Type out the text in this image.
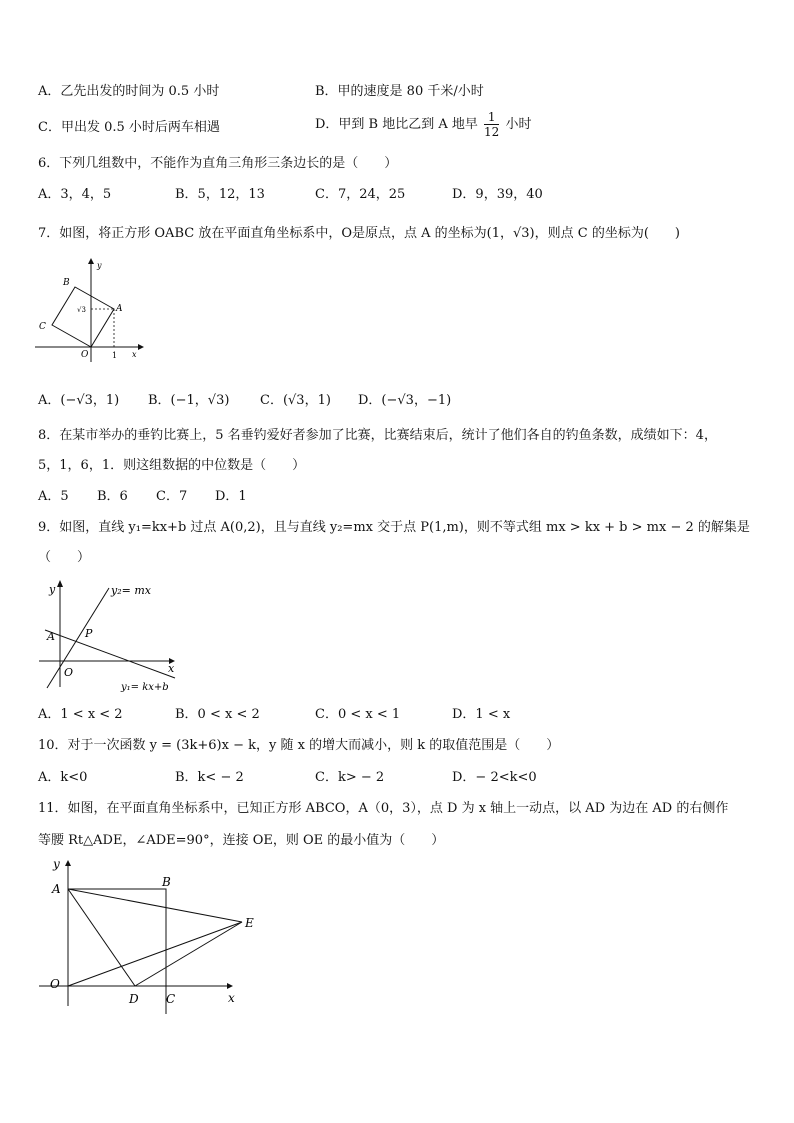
A．乙先出发的时间为 0.5 小时	B．甲的速度是 80 千米/小时
C．甲出发 0.5 小时后两车相遇	D．甲到 B 地比乙到 A 地早 $\frac{1}{12}$ 小时
6．下列几组数中，不能作为直角三角形三条边长的是（　　）
A．3，4，5	B．5，12，13	C．7，24，25	D．9，39，40
7．如图，将正方形 OABC 放在平面直角坐标系中，O是原点，点 A 的坐标为(1，√3)，则点 C 的坐标为(　　)
B
A
C
O	1 x
y
√3
A．(−√3，1) B．(−1，√3) C．(√3，1) D．(−√3，−1)
8．在某市举办的垂钓比赛上，5 名垂钓爱好者参加了比赛，比赛结束后，统计了他们各自的钓鱼条数，成绩如下：4，
5，1，6，1．则这组数据的中位数是（　　）
A．5 B．6 C．7 D．1
9．如图，直线 y₁=kx+b 过点 A(0,2)，且与直线 y₂=mx 交于点 P(1,m)，则不等式组 mx > kx + b > mx − 2 的解集是
（　　）
y
x
A	P
O
y₂= mx
y₁= kx+b
A．1 < x < 2	B．0 < x < 2	C．0 < x < 1	D．1 < x
10．对于一次函数 y = (3k+6)x − k，y 随 x 的增大而减小，则 k 的取值范围是（　　）
A．k<0	B．k< − 2	C．k> − 2	D．− 2<k<0
11．如图，在平面直角坐标系中，已知正方形 ABCO，A（0，3），点 D 为 x 轴上一动点，以 AD 为边在 AD 的右侧作
等腰 Rt△ADE，∠ADE=90°，连接 OE，则 OE 的最小值为（　　）
y
A	B
E
O
D C	x
